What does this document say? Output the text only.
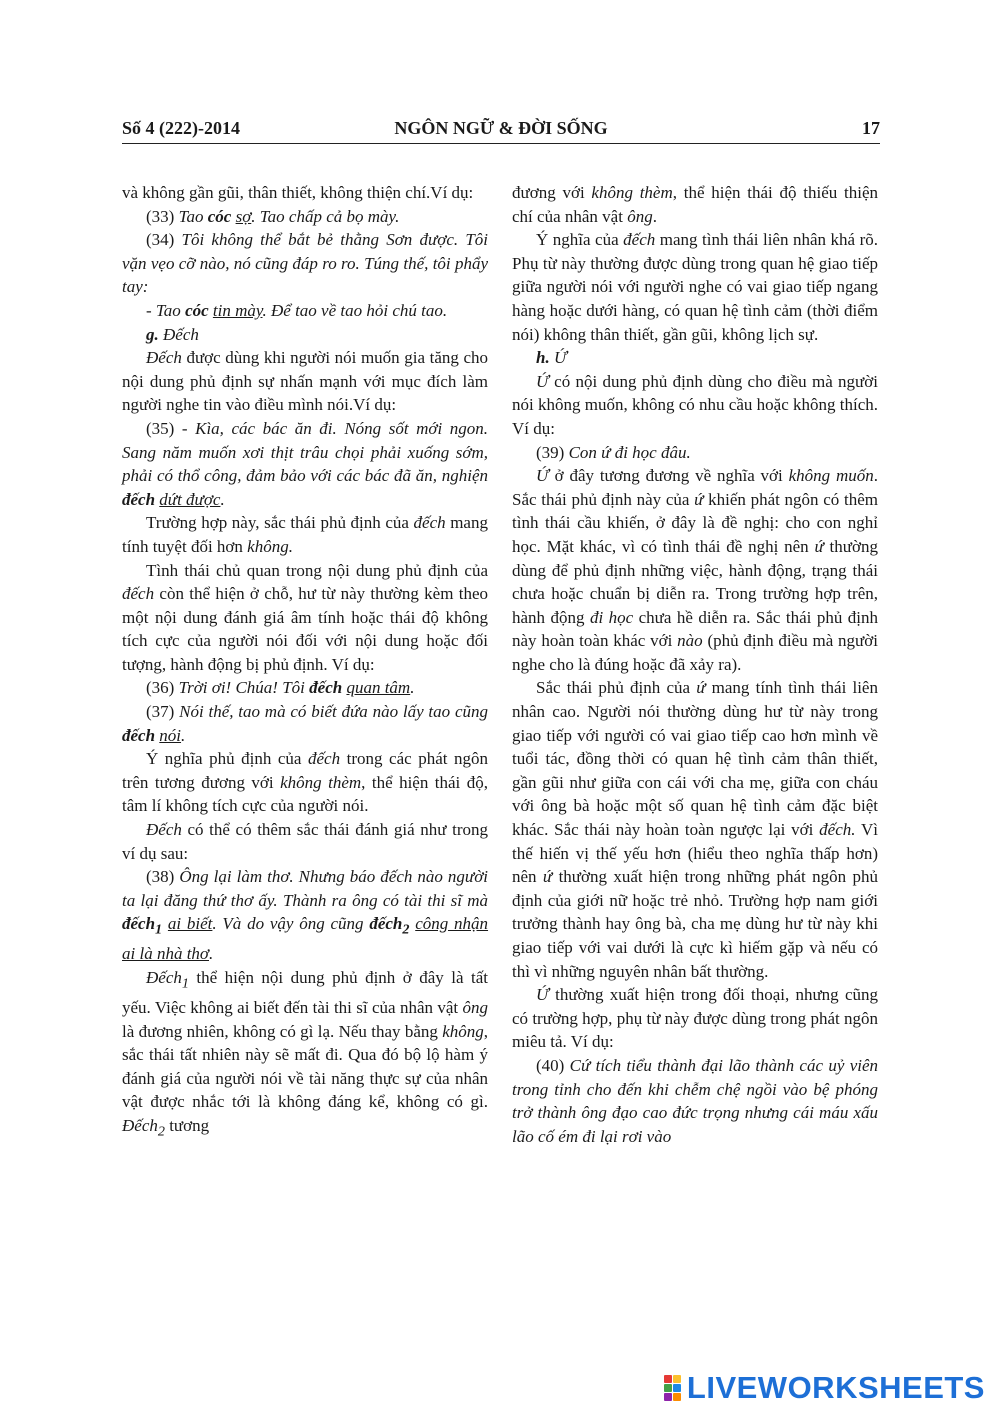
Số 4 (222)-2014	NGÔN NGỮ & ĐỜI SỐNG	17

và không gần gũi, thân thiết, không thiện chí.Ví dụ:

(33) Tao cóc sợ. Tao chấp cả bọ mày.

(34) Tôi không thể bắt bẻ thằng Sơn được. Tôi vặn vẹo cỡ nào, nó cũng đáp ro ro. Túng thế, tôi phẩy tay:

- Tao cóc tin mày. Để tao về tao hỏi chú tao.

g. Đếch

Đếch được dùng khi người nói muốn gia tăng cho nội dung phủ định sự nhấn mạnh với mục đích làm người nghe tin vào điều mình nói.Ví dụ:

(35) - Kìa, các bác ăn đi. Nóng sốt mới ngon. Sang năm muốn xơi thịt trâu chọi phải xuống sớm, phải có thổ công, đảm bảo với các bác đã ăn, nghiện đếch dứt được.

Trường hợp này, sắc thái phủ định của đếch mang tính tuyệt đối hơn không.

Tình thái chủ quan trong nội dung phủ định của đếch còn thể hiện ở chỗ, hư từ này thường kèm theo một nội dung đánh giá âm tính hoặc thái độ không tích cực của người nói đối với nội dung hoặc đối tượng, hành động bị phủ định. Ví dụ:

(36) Trời ơi! Chúa! Tôi đếch quan tâm.

(37) Nói thế, tao mà có biết đứa nào lấy tao cũng đếch nói.

Ý nghĩa phủ định của đếch trong các phát ngôn trên tương đương với không thèm, thể hiện thái độ, tâm lí không tích cực của người nói.

Đếch có thể có thêm sắc thái đánh giá như trong ví dụ sau:

(38) Ông lại làm thơ. Nhưng báo đếch nào người ta lại đăng thứ thơ ấy. Thành ra ông có tài thi sĩ mà đếch$_1$ ai biết. Và do vậy ông cũng đếch$_2$ công nhận ai là nhà thơ.

Đếch$_1$ thể hiện nội dung phủ định ở đây là tất yếu. Việc không ai biết đến tài thi sĩ của nhân vật ông là đương nhiên, không có gì lạ. Nếu thay bằng không, sắc thái tất nhiên này sẽ mất đi. Qua đó bộ lộ hàm ý đánh giá của người nói về tài năng thực sự của nhân vật được nhắc tới là không đáng kể, không có gì. Đếch$_2$ tương

đương với không thèm, thể hiện thái độ thiếu thiện chí của nhân vật ông.

Ý nghĩa của đếch mang tình thái liên nhân khá rõ. Phụ từ này thường được dùng trong quan hệ giao tiếp giữa người nói với người nghe có vai giao tiếp ngang hàng hoặc dưới hàng, có quan hệ tình cảm (thời điểm nói) không thân thiết, gần gũi, không lịch sự.

h. Ứ

Ứ có nội dung phủ định dùng cho điều mà người nói không muốn, không có nhu cầu hoặc không thích. Ví dụ:

(39) Con ứ đi học đâu.

Ứ ở đây tương đương về nghĩa với không muốn. Sắc thái phủ định này của ứ khiến phát ngôn có thêm tình thái cầu khiến, ở đây là đề nghị: cho con nghỉ học. Mặt khác, vì có tình thái đề nghị nên ứ thường dùng để phủ định những việc, hành động, trạng thái chưa hoặc chuẩn bị diễn ra. Trong trường hợp trên, hành động đi học chưa hề diễn ra. Sắc thái phủ định này hoàn toàn khác với nào (phủ định điều mà người nghe cho là đúng hoặc đã xảy ra).

Sắc thái phủ định của ứ mang tính tình thái liên nhân cao. Người nói thường dùng hư từ này trong giao tiếp với người có vai giao tiếp cao hơn mình về tuổi tác, đồng thời có quan hệ tình cảm thân thiết, gần gũi như giữa con cái với cha mẹ, giữa con cháu với ông bà hoặc một số quan hệ tình cảm đặc biệt khác. Sắc thái này hoàn toàn ngược lại với đếch. Vì thế hiến vị thế yếu hơn (hiểu theo nghĩa thấp hơn) nên ứ thường xuất hiện trong những phát ngôn phủ định của giới nữ hoặc trẻ nhỏ. Trường hợp nam giới trưởng thành hay ông bà, cha mẹ dùng hư từ này khi giao tiếp với vai dưới là cực kì hiếm gặp và nếu có thì vì những nguyên nhân bất thường.

Ứ thường xuất hiện trong đối thoại, nhưng cũng có trường hợp, phụ từ này được dùng trong phát ngôn miêu tả. Ví dụ:

(40) Cứ tích tiểu thành đại lão thành các uỷ viên trong tỉnh cho đến khi chễm chệ ngồi vào bệ phóng trở thành ông đạo cao đức trọng nhưng cái máu xấu lão cố ém đi lại rơi vào

LIVEWORKSHEETS
